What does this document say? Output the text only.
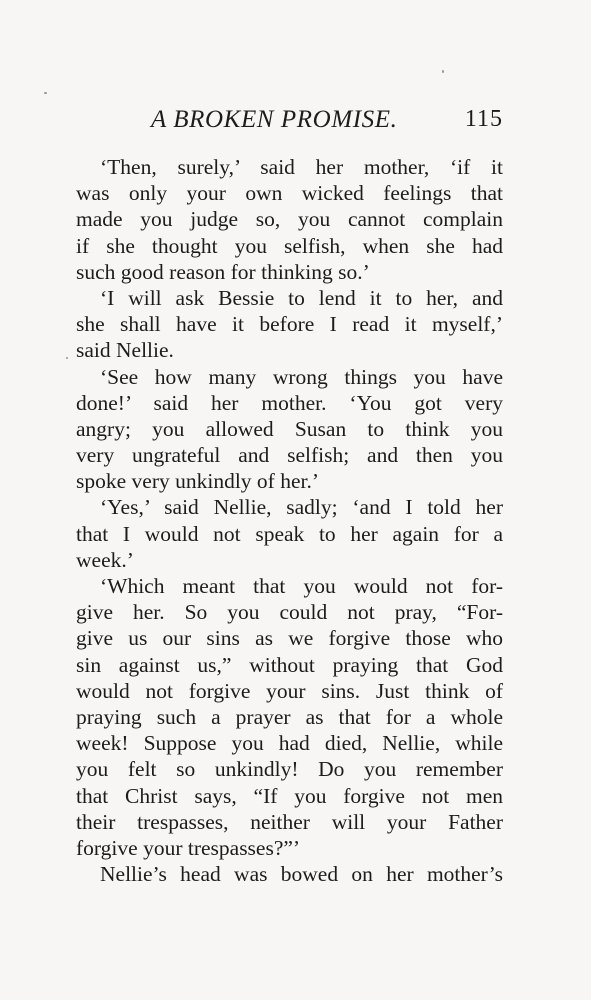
A BROKEN PROMISE.	115
‘Then, surely,’ said her mother, ‘if it
was only your own wicked feelings that
made you judge so, you cannot complain
if she thought you selfish, when she had
such good reason for thinking so.’
‘I will ask Bessie to lend it to her, and
she shall have it before I read it myself,’
said Nellie.
‘See how many wrong things you have
done!’ said her mother. ‘You got very
angry; you allowed Susan to think you
very ungrateful and selfish; and then you
spoke very unkindly of her.’
‘Yes,’ said Nellie, sadly; ‘and I told her
that I would not speak to her again for a
week.’
‘Which meant that you would not for-
give her. So you could not pray, “For-
give us our sins as we forgive those who
sin against us,” without praying that God
would not forgive your sins. Just think of
praying such a prayer as that for a whole
week! Suppose you had died, Nellie, while
you felt so unkindly! Do you remember
that Christ says, “If you forgive not men
their trespasses, neither will your Father
forgive your trespasses?”’
Nellie’s head was bowed on her mother’s
